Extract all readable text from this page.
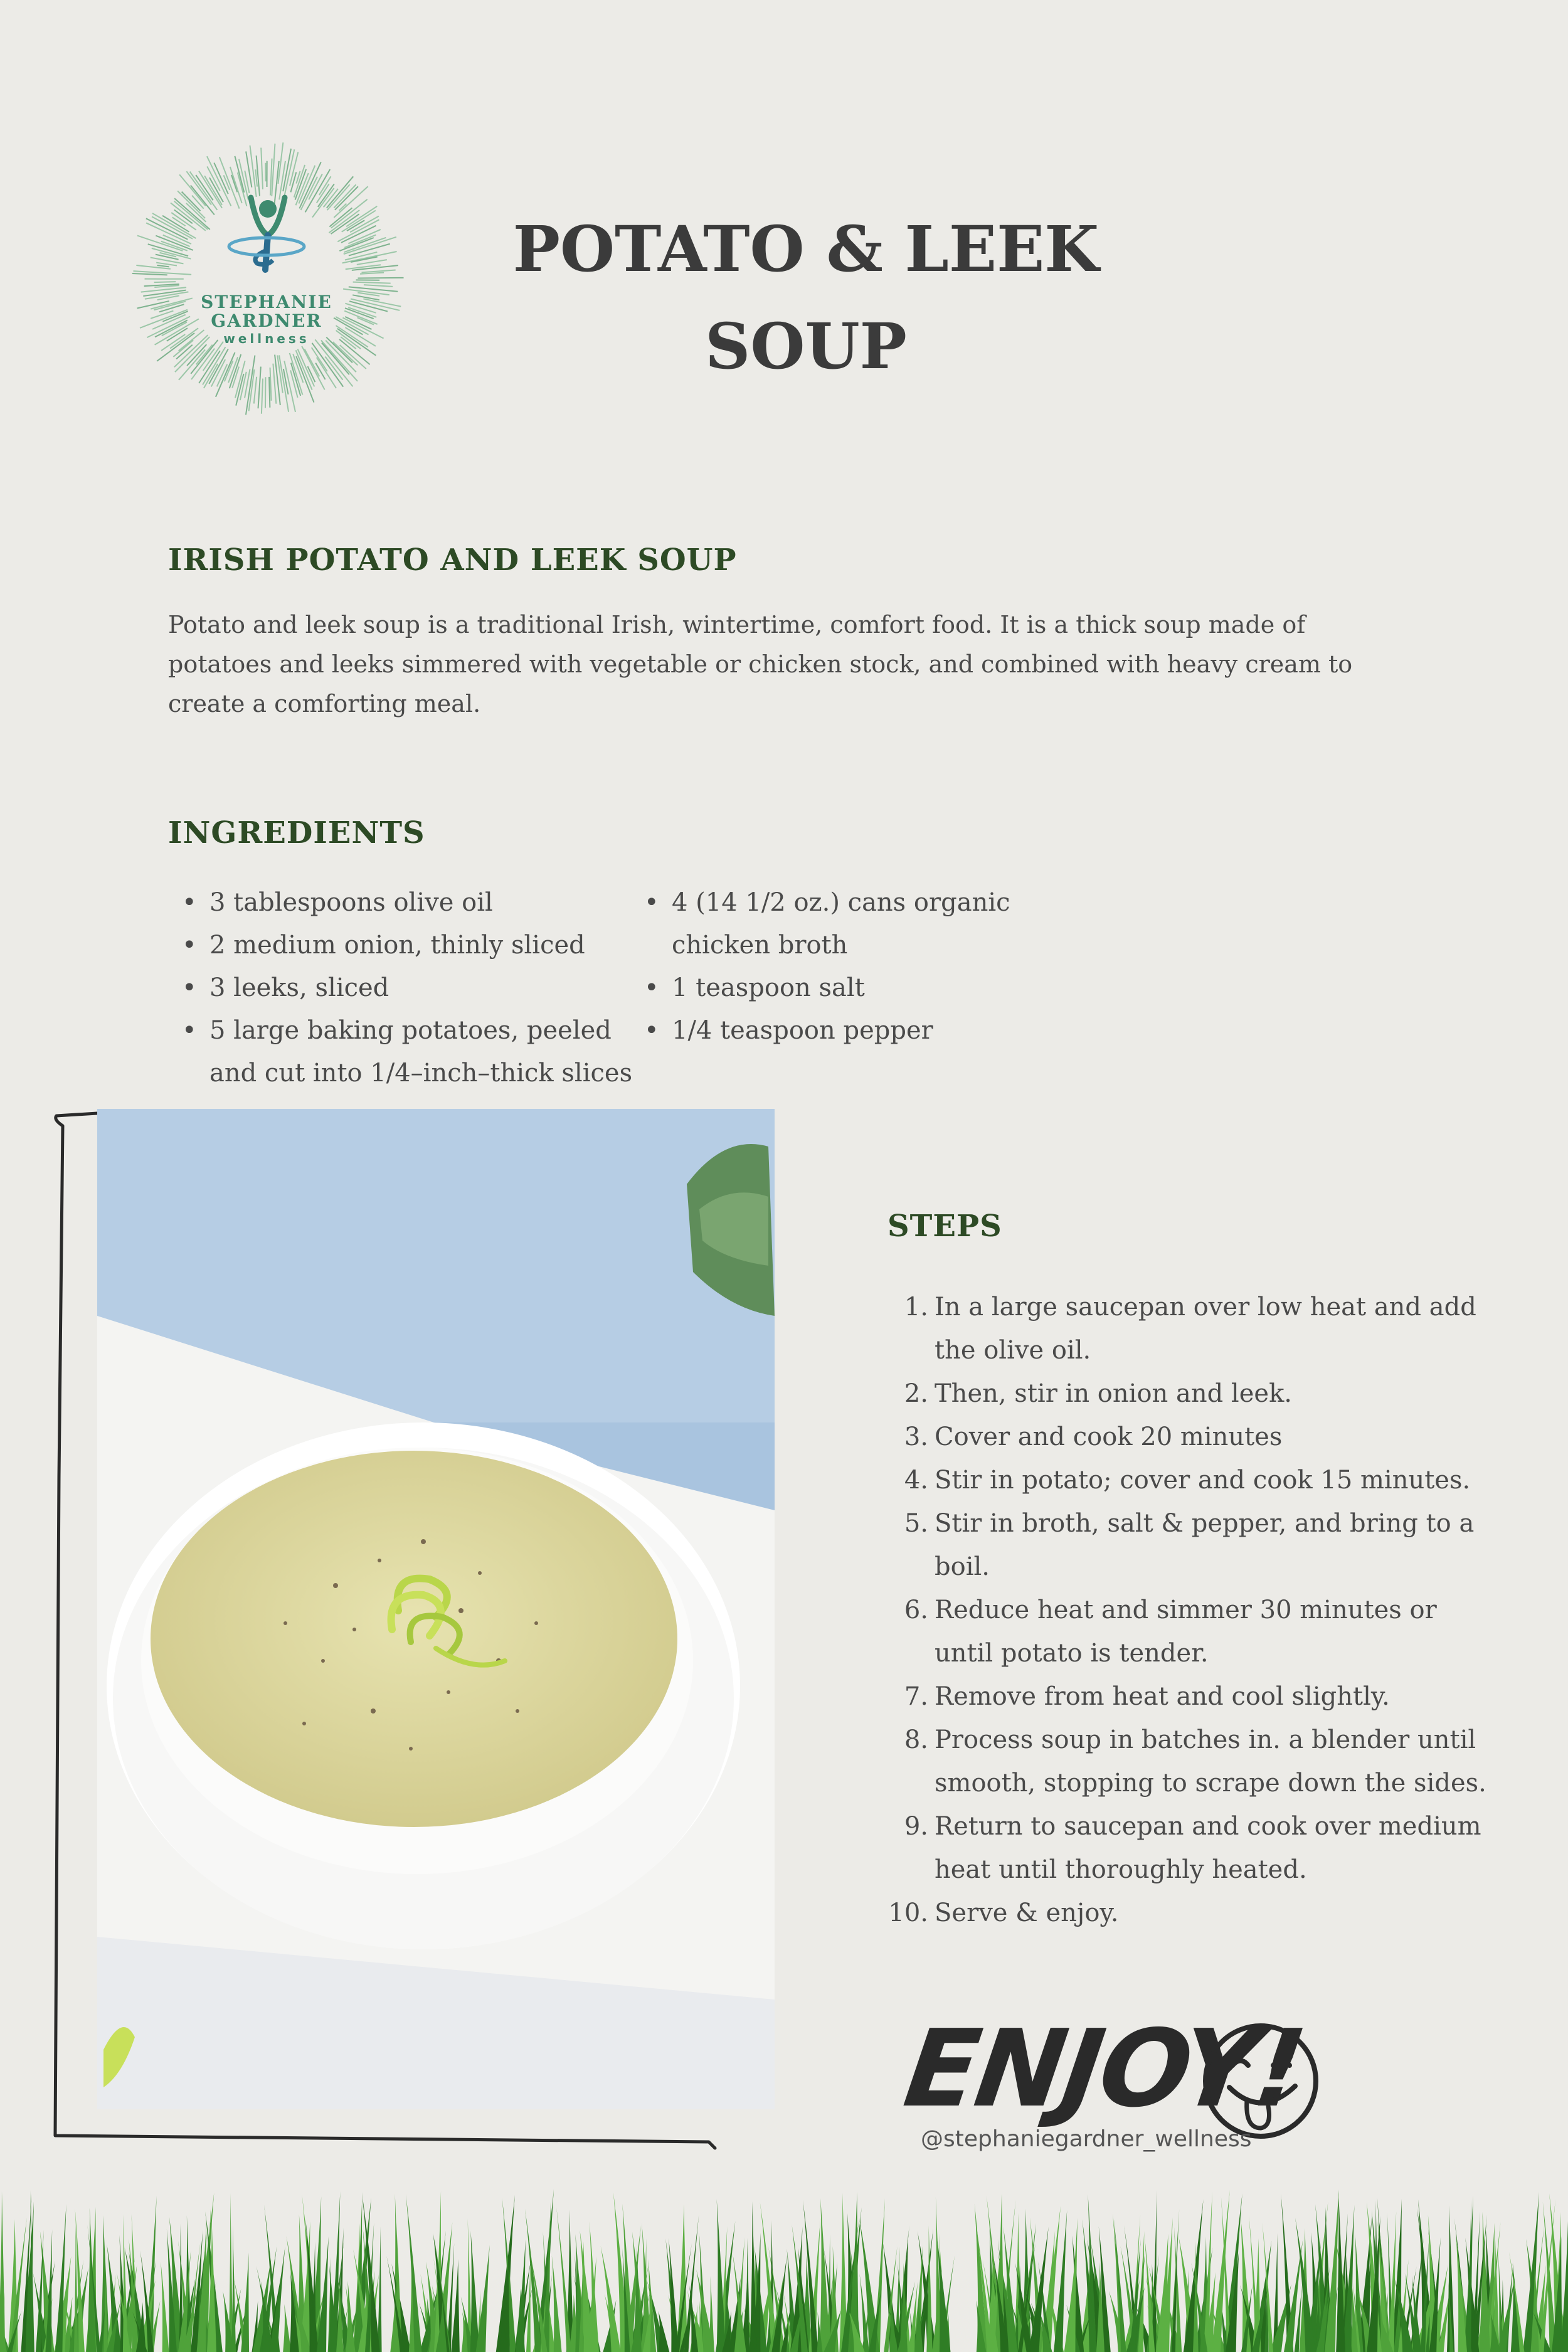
STEPHANIE
GARDNER
wellness
POTATO & LEEK
SOUP
IRISH POTATO AND LEEK SOUP
Potato and leek soup is a traditional Irish, wintertime, comfort food. It is a thick soup made of potatoes and leeks simmered with vegetable or chicken stock, and combined with heavy cream to create a comforting meal.
INGREDIENTS
• 3 tablespoons olive oil
• 2 medium onion, thinly sliced
• 3 leeks, sliced
• 5 large baking potatoes, peeled and cut into 1/4–inch–thick slices
• 4 (14 1/2 oz.) cans organic chicken broth
• 1 teaspoon salt
• 1/4 teaspoon pepper
STEPS
1. In a large saucepan over low heat and add the olive oil.
2. Then, stir in onion and leek.
3. Cover and cook 20 minutes
4. Stir in potato; cover and cook 15 minutes.
5. Stir in broth, salt & pepper, and bring to a boil.
6. Reduce heat and simmer 30 minutes or until potato is tender.
7. Remove from heat and cool slightly.
8. Process soup in batches in. a blender until smooth, stopping to scrape down the sides.
9. Return to saucepan and cook over medium heat until thoroughly heated.
10. Serve & enjoy.
ENJOY!
@stephaniegardner_wellness
